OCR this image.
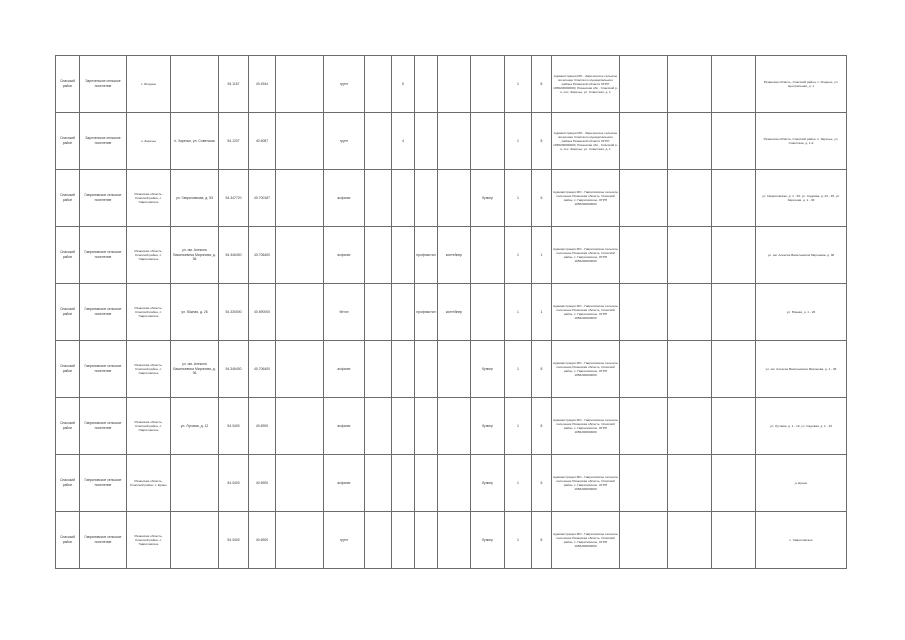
Спасский район	Зареченское сельское поселение	с. Ягодное		54.1167	40.4944		грунт		5				1	8	Администрация МО - Зареченское сельское поселение Спасского муниципального района Рязанской области ОГРН 1056200000000, Рязанская обл., Спасский р-н, пос. Заречье, ул. Советская, д. 1				Рязанская область, Спасский район, с. Ягодное, ул. Центральная, д. 1
Спасский район	Зареченское сельское поселение	п. Заречье	п. Заречье, ул. Советская	54.1207	40.5087		грунт		4				1	8	Администрация МО - Зареченское сельское поселение Спасского муниципального района Рязанской области ОГРН 1056200000000, Рязанская обл., Спасский р-н, пос. Заречье, ул. Советская, д. 1				Рязанская область, Спасский район, п. Заречье, ул. Советская, д. 1-9
Спасский район	Гавриловское сельское поселение	Рязанская область, Спасский район, с. Гавриловское	ул. Гавриловская, д. 53	54.347720	40.700187		асфальт					бункер	1	6	Администрация МО - Гавриловское сельское поселение Рязанская область, Спасский район, с. Гавриловское, ОГРН 1056200000000				ул. Гавриловская, д. 1 - 53, ул. Садовая, д. 23 - 35, ул. Заречная, д. 1 - 30
Спасский район	Гавриловское сельское поселение	Рязанская область, Спасский район, с. Гавриловское	ул. им. Алексея Васильевича Миронова, д. 36	54.346400	40.706400		асфальт			профнастил	контейнер		1	1	Администрация МО - Гавриловское сельское поселение Рязанская область, Спасский район, с. Гавриловское, ОГРН 1056200000000				ул. им. Алексея Васильевича Миронова, д. 36
Спасский район	Гавриловское сельское поселение	Рязанская область, Спасский район, с. Гавриловское	ул. Южная, д. 26	54.330000	40.690000		бетон			профнастил	контейнер		1	1	Администрация МО - Гавриловское сельское поселение Рязанская область, Спасский район, с. Гавриловское, ОГРН 1056200000000				ул. Южная, д. 1 - 26
Спасский район	Гавриловское сельское поселение	Рязанская область, Спасский район, с. Гавриловское	ул. им. Алексея Васильевича Миронова, д. 36	54.346400	40.706400		асфальт					бункер	1	8	Администрация МО - Гавриловское сельское поселение Рязанская область, Спасский район, с. Гавриловское, ОГРН 1056200000000				ул. им. Алексея Васильевича Миронова, д. 1 - 36
Спасский район	Гавриловское сельское поселение	Рязанская область, Спасский район, с. Гавриловское	ул. Луговая, д. 12	54.3400	40.6900		асфальт					бункер	1	8	Администрация МО - Гавриловское сельское поселение Рязанская область, Спасский район, с. Гавриловское, ОГРН 1056200000000				ул. Луговая, д. 1 - 12, ул. Садовая, д. 1 - 15
Спасский район	Гавриловское сельское поселение	Рязанская область, Спасский район, с. Ерино		54.3400	40.6900		асфальт					бункер	1	6	Администрация МО - Гавриловское сельское поселение Рязанская область, Спасский район, с. Гавриловское, ОГРН 1056200000000				д. Ерино
Спасский район	Гавриловское сельское поселение	Рязанская область, Спасский район, с. Гавриловское		54.3400	40.6900		грунт					бункер	1	8	Администрация МО - Гавриловское сельское поселение Рязанская область, Спасский район, с. Гавриловское, ОГРН 1056200000000				с. Гавриловское
